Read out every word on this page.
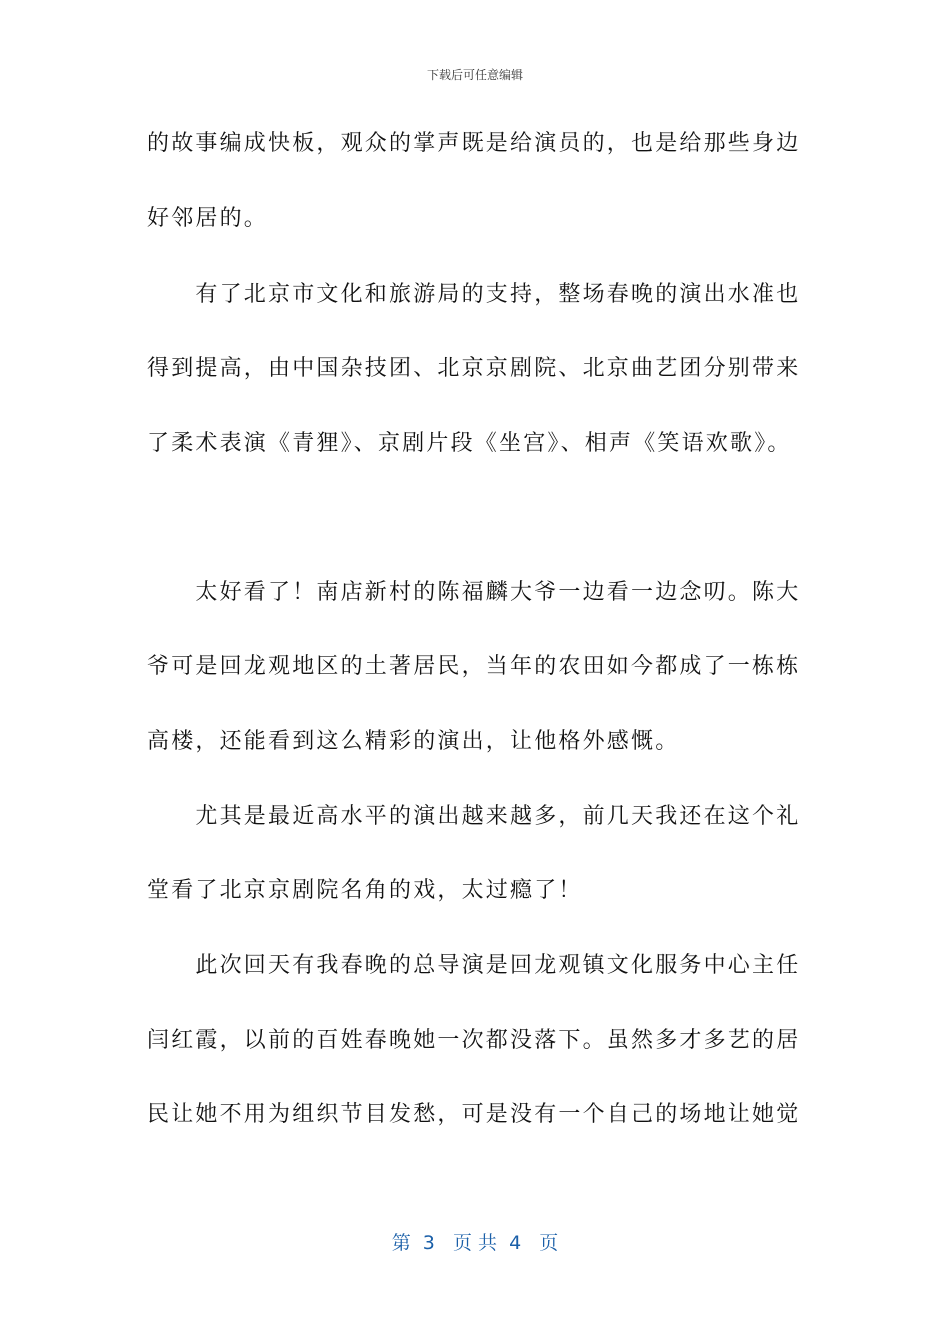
下载后可任意编辑
的故事编成快板，观众的掌声既是给演员的，也是给那些身边
好邻居的。
　　有了北京市文化和旅游局的支持，整场春晚的演出水准也
得到提高，由中国杂技团、北京京剧院、北京曲艺团分别带来
了柔术表演《青狸》、京剧片段《坐宫》、相声《笑语欢歌》。
　　太好看了！南店新村的陈福麟大爷一边看一边念叨。陈大
爷可是回龙观地区的土著居民，当年的农田如今都成了一栋栋
高楼，还能看到这么精彩的演出，让他格外感慨。
　　尤其是最近高水平的演出越来越多，前几天我还在这个礼
堂看了北京京剧院名角的戏，太过瘾了！
　　此次回天有我春晚的总导演是回龙观镇文化服务中心主任
闫红霞，以前的百姓春晚她一次都没落下。虽然多才多艺的居
民让她不用为组织节目发愁，可是没有一个自己的场地让她觉
第  3   页 共  4   页
